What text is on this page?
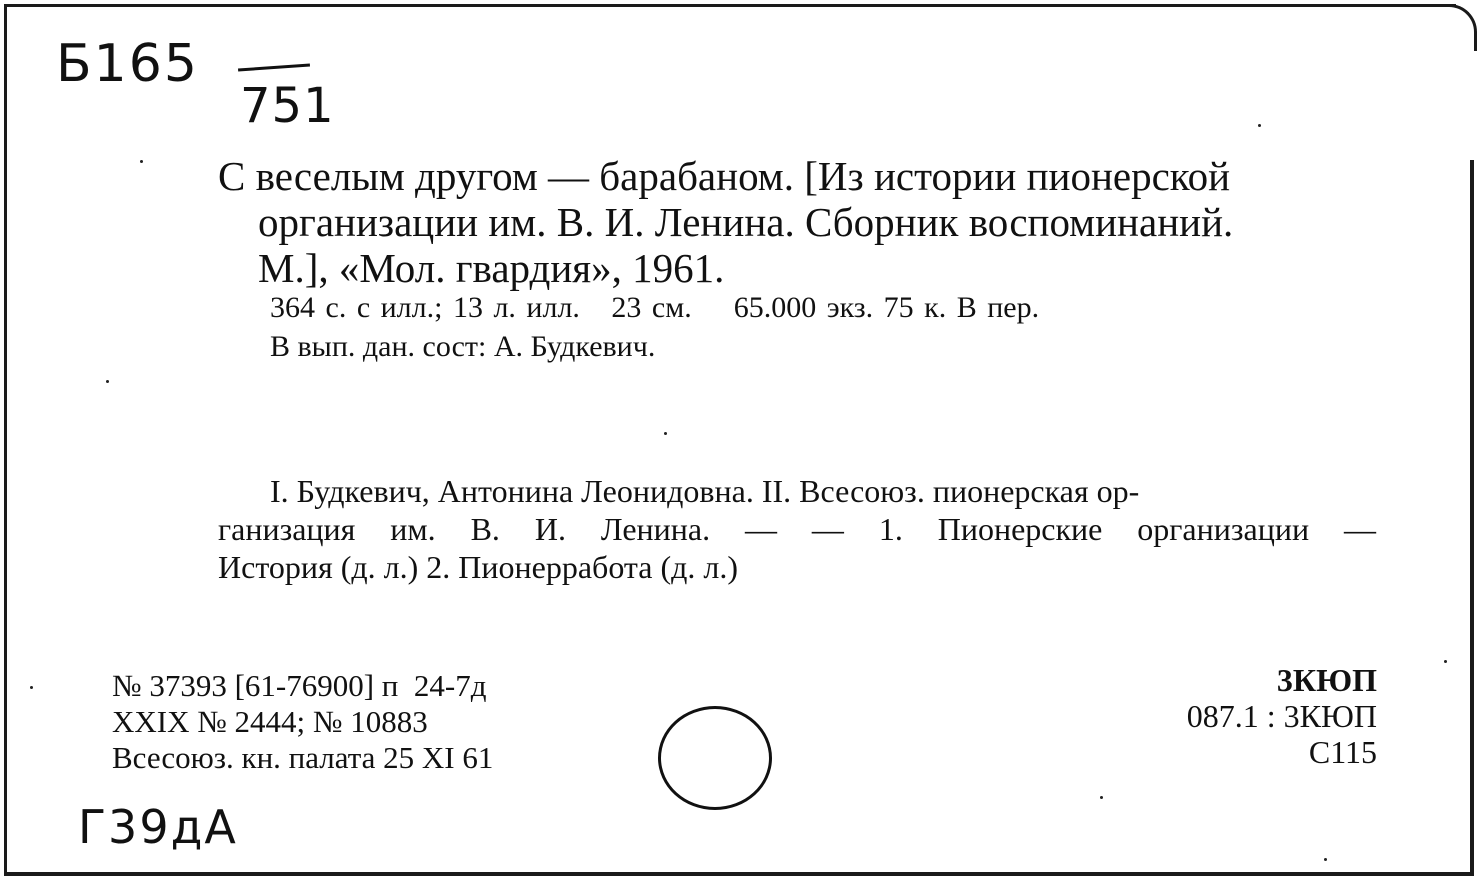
Б165
751
С веселым другом — барабаном. [Из истории пионерской
организации им. В. И. Ленина. Сборник воспоминаний.
М.], «Мол. гвардия», 1961.
364 с. с илл.; 13 л. илл.   23 см.    65.000 экз. 75 к. В пер.
В вып. дан. сост: А. Будкевич.
I. Будкевич, Антонина Леонидовна. II. Всесоюз. пионерская ор-
ганизация им. В. И. Ленина. — — 1. Пионерские организации —
История (д. л.) 2. Пионерработа (д. л.)
№ 37393 [61-76900] п  24-7д
XXIX № 2444; № 10883
Всесоюз. кн. палата 25 XI 61
3КЮП
087.1 : 3КЮП
С115
Г39дА
